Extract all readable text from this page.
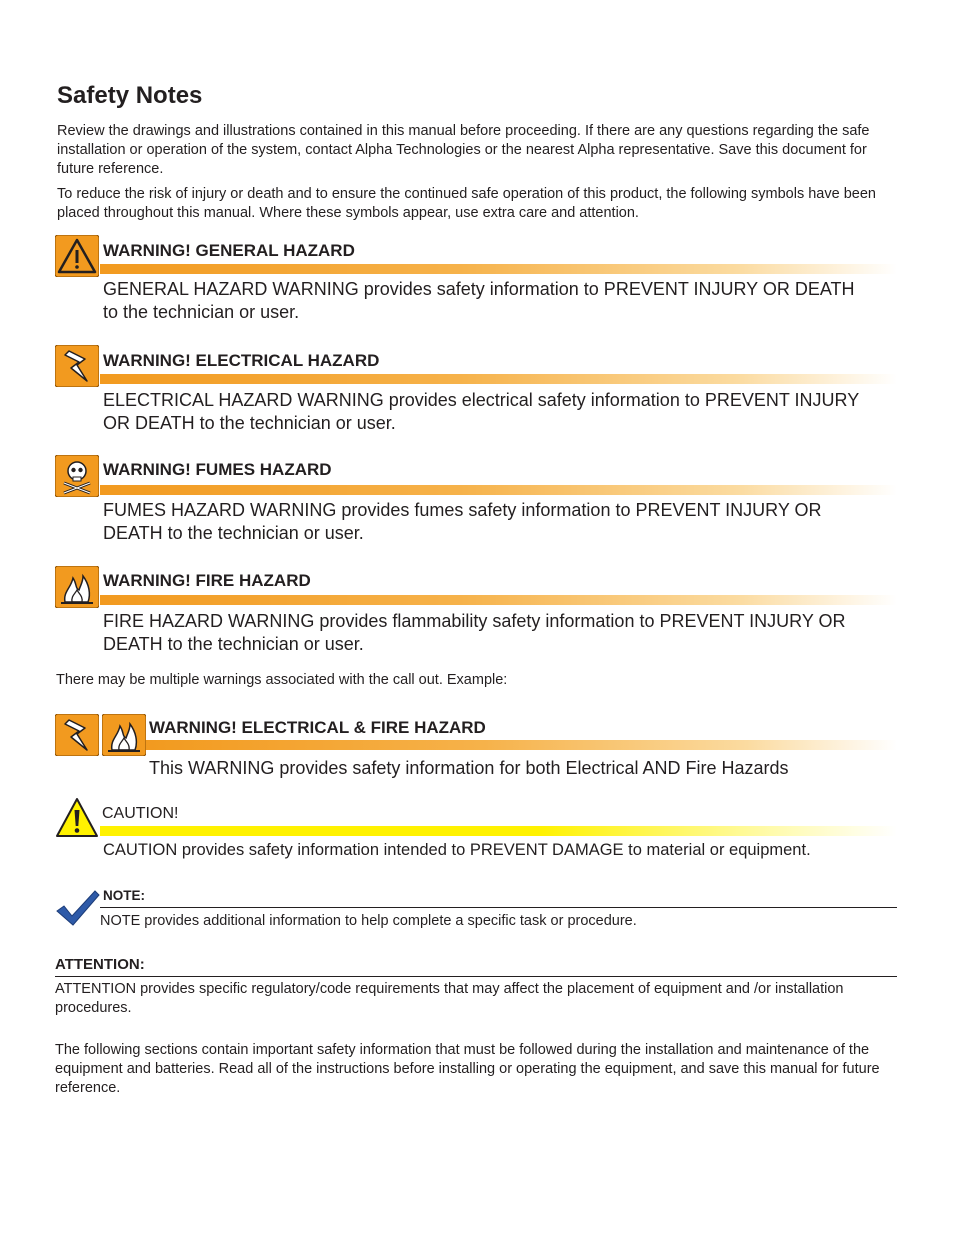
Safety Notes
Review the drawings and illustrations contained in this manual before proceeding. If there are any questions regarding the safe installation or operation of the system, contact Alpha Technologies or the nearest Alpha representative. Save this document for future reference.
To reduce the risk of injury or death and to ensure the continued safe operation of this product, the following symbols have been placed throughout this manual. Where these symbols appear, use extra care and attention.
WARNING! GENERAL HAZARD
GENERAL HAZARD WARNING provides safety information to PREVENT INJURY OR DEATH to the technician or user.
WARNING! ELECTRICAL HAZARD
ELECTRICAL HAZARD WARNING provides electrical safety information to PREVENT INJURY OR DEATH to the technician or user.
WARNING! FUMES HAZARD
FUMES HAZARD WARNING provides fumes safety information to PREVENT INJURY OR DEATH to the technician or user.
WARNING! FIRE HAZARD
FIRE HAZARD WARNING provides flammability safety information to PREVENT INJURY OR DEATH to the technician or user.
There may be multiple warnings associated with the call out. Example:
WARNING! ELECTRICAL & FIRE HAZARD
This WARNING provides safety information for both Electrical AND Fire Hazards
CAUTION!
CAUTION provides safety information intended to PREVENT DAMAGE to material or equipment.
NOTE:
NOTE provides additional information to help complete a specific task or procedure.
ATTENTION:
ATTENTION provides specific regulatory/code requirements that may affect the placement of equipment and /or installation procedures.
The following sections contain important safety information that must be followed during the installation and maintenance of the equipment and batteries. Read all of the instructions before installing or operating the equipment, and save this manual for future reference.
